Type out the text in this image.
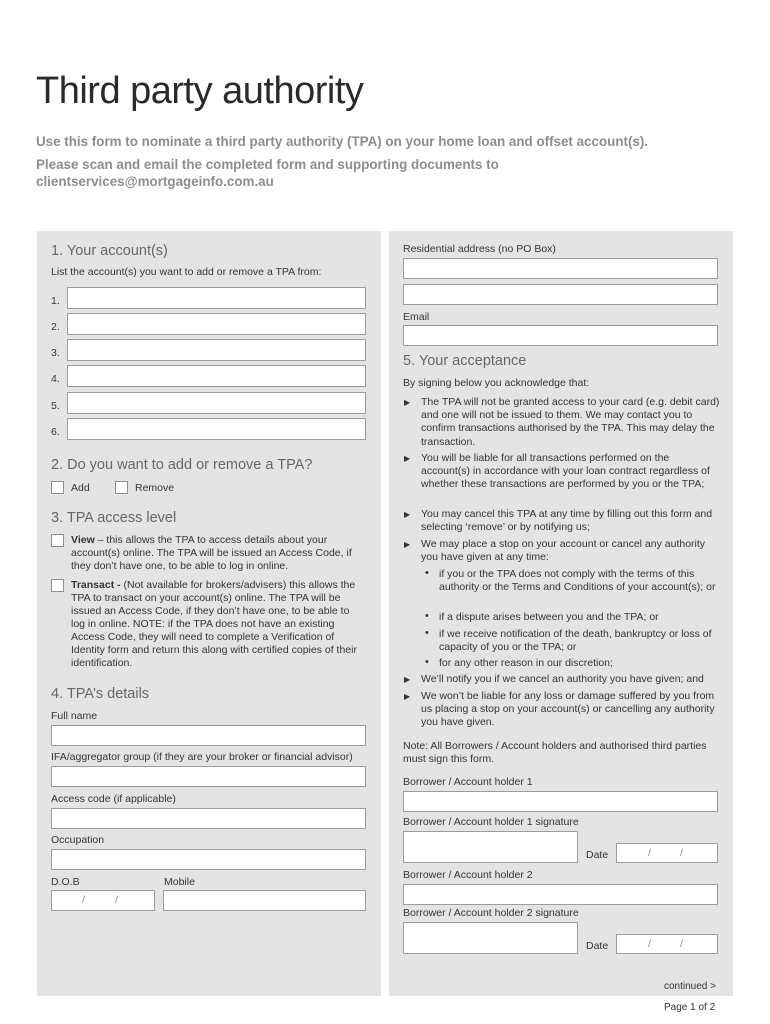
Third party authority
Use this form to nominate a third party authority (TPA) on your home loan and offset account(s).
Please scan and email the completed form and supporting documents to clientservices@mortgageinfo.com.au
1. Your account(s)
List the account(s) you want to add or remove a TPA from:
1.
2.
3.
4.
5.
6.
2. Do you want to add or remove a TPA?
Add	Remove
3. TPA access level
View – this allows the TPA to access details about your account(s) online. The TPA will be issued an Access Code, if they don’t have one, to be able to log in online.
Transact - (Not available for brokers/advisers) this allows the TPA to transact on your account(s) online. The TPA will be issued an Access Code, if they don’t have one, to be able to log in online. NOTE: if the TPA does not have an existing Access Code, they will need to complete a Verification of Identity form and return this along with certified copies of their identification.
4. TPA’s details
Full name
IFA/aggregator group (if they are your broker or financial advisor)
Access code (if applicable)
Occupation
D.O.B	Mobile
/	/
Residential address (no PO Box)
Email
5. Your acceptance
By signing below you acknowledge that:
▶ The TPA will not be granted access to your card (e.g. debit card) and one will not be issued to them. We may contact you to confirm transactions authorised by the TPA. This may delay the transaction.
▶ You will be liable for all transactions performed on the account(s) in accordance with your loan contract regardless of whether these transactions are performed by you or the TPA;
▶ You may cancel this TPA at any time by filling out this form and selecting ‘remove’ or by notifying us;
▶ We may place a stop on your account or cancel any authority you have given at any time:
• if you or the TPA does not comply with the terms of this authority or the Terms and Conditions of your account(s); or
• if a dispute arises between you and the TPA; or
• if we receive notification of the death, bankruptcy or loss of capacity of you or the TPA; or
• for any other reason in our discretion;
▶ We’ll notify you if we cancel an authority you have given; and
▶ We won’t be liable for any loss or damage suffered by you from us placing a stop on your account(s) or cancelling any authority you have given.
Note: All Borrowers / Account holders and authorised third parties must sign this form.
Borrower / Account holder 1
Borrower / Account holder 1 signature
Date	/	/
Borrower / Account holder 2
Borrower / Account holder 2 signature
Date	/	/
continued >
Page 1 of 2
